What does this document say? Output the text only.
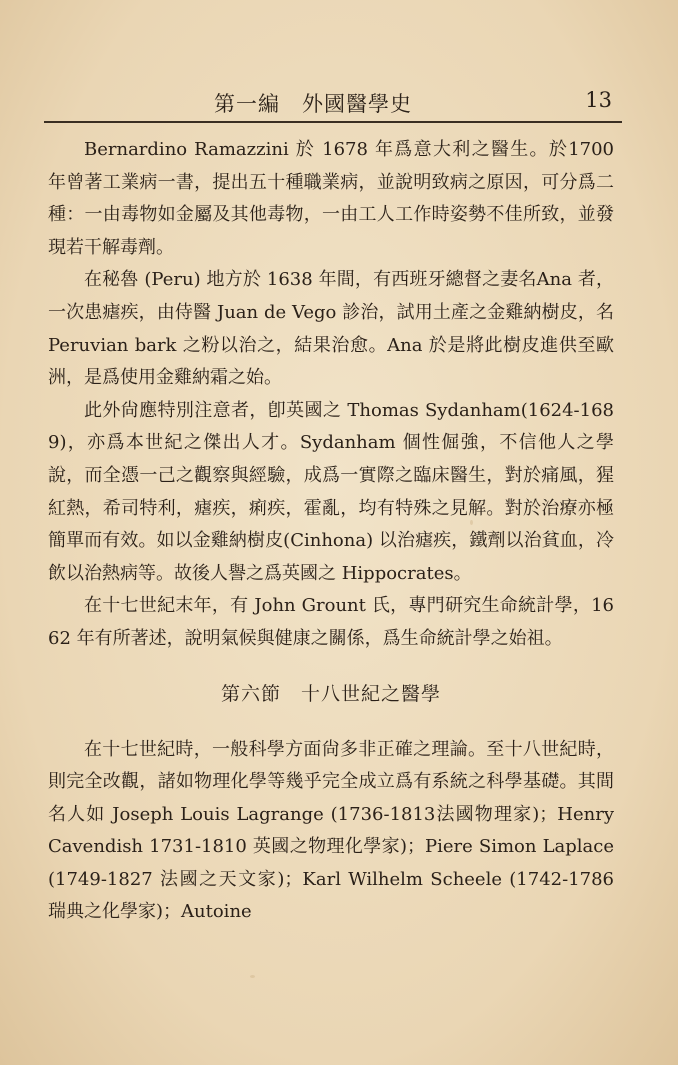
第一編　外國醫學史	13

Bernardino Ramazzini 於 1678 年爲意大利之醫生。於1700 年曾著工業病一書，提出五十種職業病，並說明致病之原因，可分爲二種：一由毒物如金屬及其他毒物，一由工人工作時姿勢不佳所致，並發現若干解毒劑。

在秘魯 (Peru) 地方於 1638 年間，有西班牙總督之妻名Ana 者，一次患瘧疾，由侍醫 Juan de Vego 診治，試用土產之金雞納樹皮，名 Peruvian bark 之粉以治之，結果治愈。Ana 於是將此樹皮進供至歐洲，是爲使用金雞納霜之始。

此外尙應特別注意者，卽英國之 Thomas Sydanham(1624-1689)，亦爲本世紀之傑出人才。Sydanham 個性倔強，不信他人之學說，而全憑一己之觀察與經驗，成爲一實際之臨床醫生，對於痛風，猩紅熱，希司特利，瘧疾，痢疾，霍亂，均有特殊之見解。對於治療亦極簡單而有效。如以金雞納樹皮(Cinhona) 以治瘧疾，鐵劑以治貧血，冷飲以治熱病等。故後人譽之爲英國之 Hippocrates。

在十七世紀末年，有 John Grount 氏，專門研究生命統計學，1662 年有所著述，說明氣候與健康之關係，爲生命統計學之始祖。

第六節　十八世紀之醫學

在十七世紀時，一般科學方面尙多非正確之理論。至十八世紀時，則完全改觀，諸如物理化學等幾乎完全成立爲有系統之科學基礎。其間名人如 Joseph Louis Lagrange (1736-1813法國物理家)；Henry Cavendish 1731-1810 英國之物理化學家)；Piere Simon Laplace (1749-1827 法國之天文家)；Karl Wilhelm Scheele (1742-1786 瑞典之化學家)；Autoine
